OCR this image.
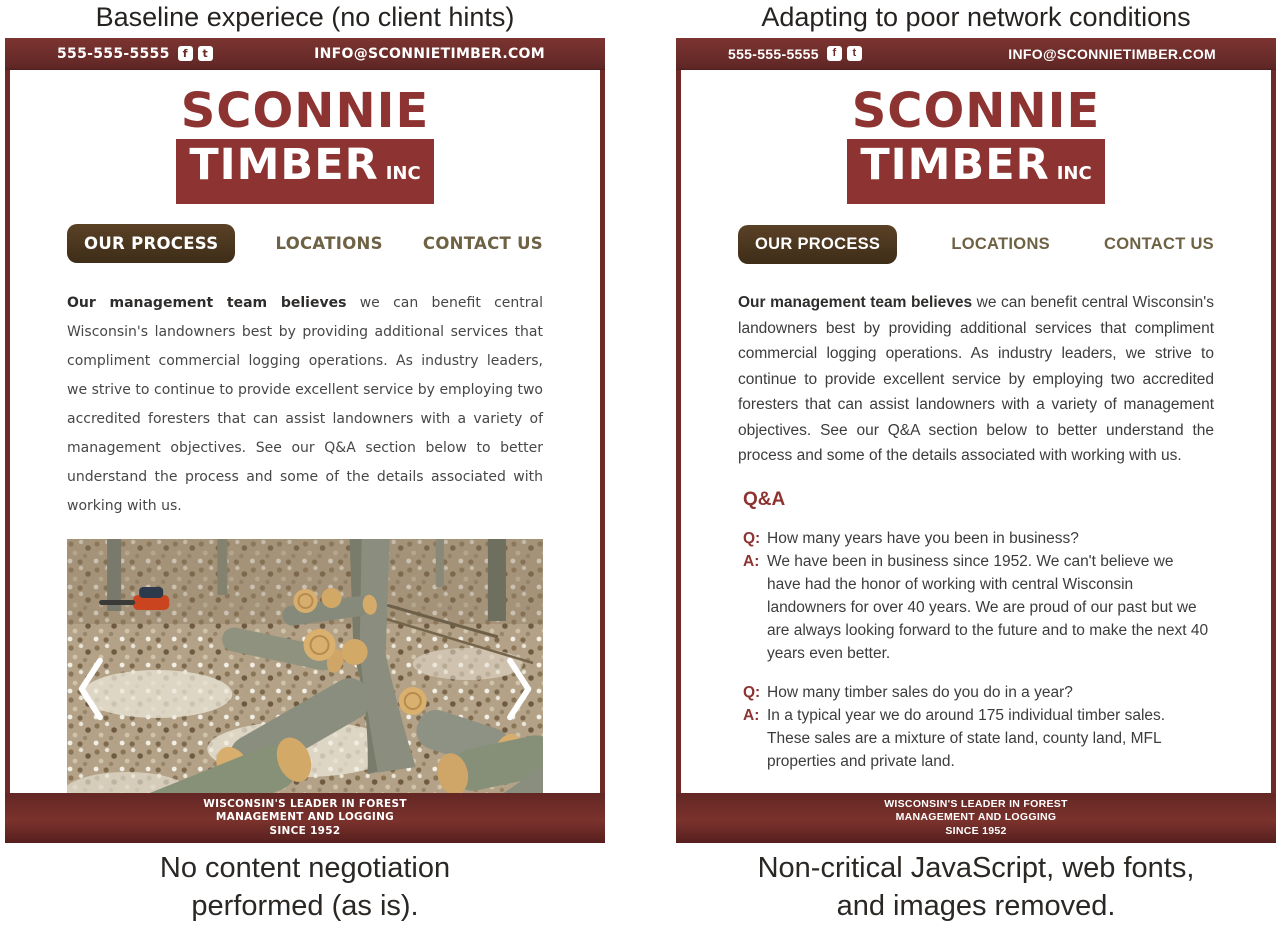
Baseline experiece (no client hints)
555-555-5555	f	t	INFO@SCONNIETIMBER.COM
SCONNIE
TIMBER INC
OUR PROCESS	LOCATIONS CONTACT US
Our management team believes we can benefit central Wisconsin's landowners best by providing additional services that compliment commercial logging operations. As industry leaders, we strive to continue to provide excellent service by employing two accredited foresters that can assist landowners with a variety of management objectives. See our Q&A section below to better understand the process and some of the details associated with working with us.
WISCONSIN'S LEADER IN FOREST
MANAGEMENT AND LOGGING
SINCE 1952
No content negotiation
performed (as is).
Adapting to poor network conditions
555-555-5555	f	t	INFO@SCONNIETIMBER.COM
SCONNIE
TIMBER INC
OUR PROCESS	LOCATIONS	CONTACT US
Our management team believes we can benefit central Wisconsin's landowners best by providing additional services that compliment commercial logging operations. As industry leaders, we strive to continue to provide excellent service by employing two accredited foresters that can assist landowners with a variety of management objectives. See our Q&A section below to better understand the process and some of the details associated with working with us.
Q&A
Q: How many years have you been in business?
A: We have been in business since 1952. We can't believe we have had the honor of working with central Wisconsin landowners for over 40 years. We are proud of our past but we are always looking forward to the future and to make the next 40 years even better.
Q: How many timber sales do you do in a year?
A: In a typical year we do around 175 individual timber sales. These sales are a mixture of state land, county land, MFL properties and private land.
WISCONSIN'S LEADER IN FOREST
MANAGEMENT AND LOGGING
SINCE 1952
Non-critical JavaScript, web fonts,
and images removed.
